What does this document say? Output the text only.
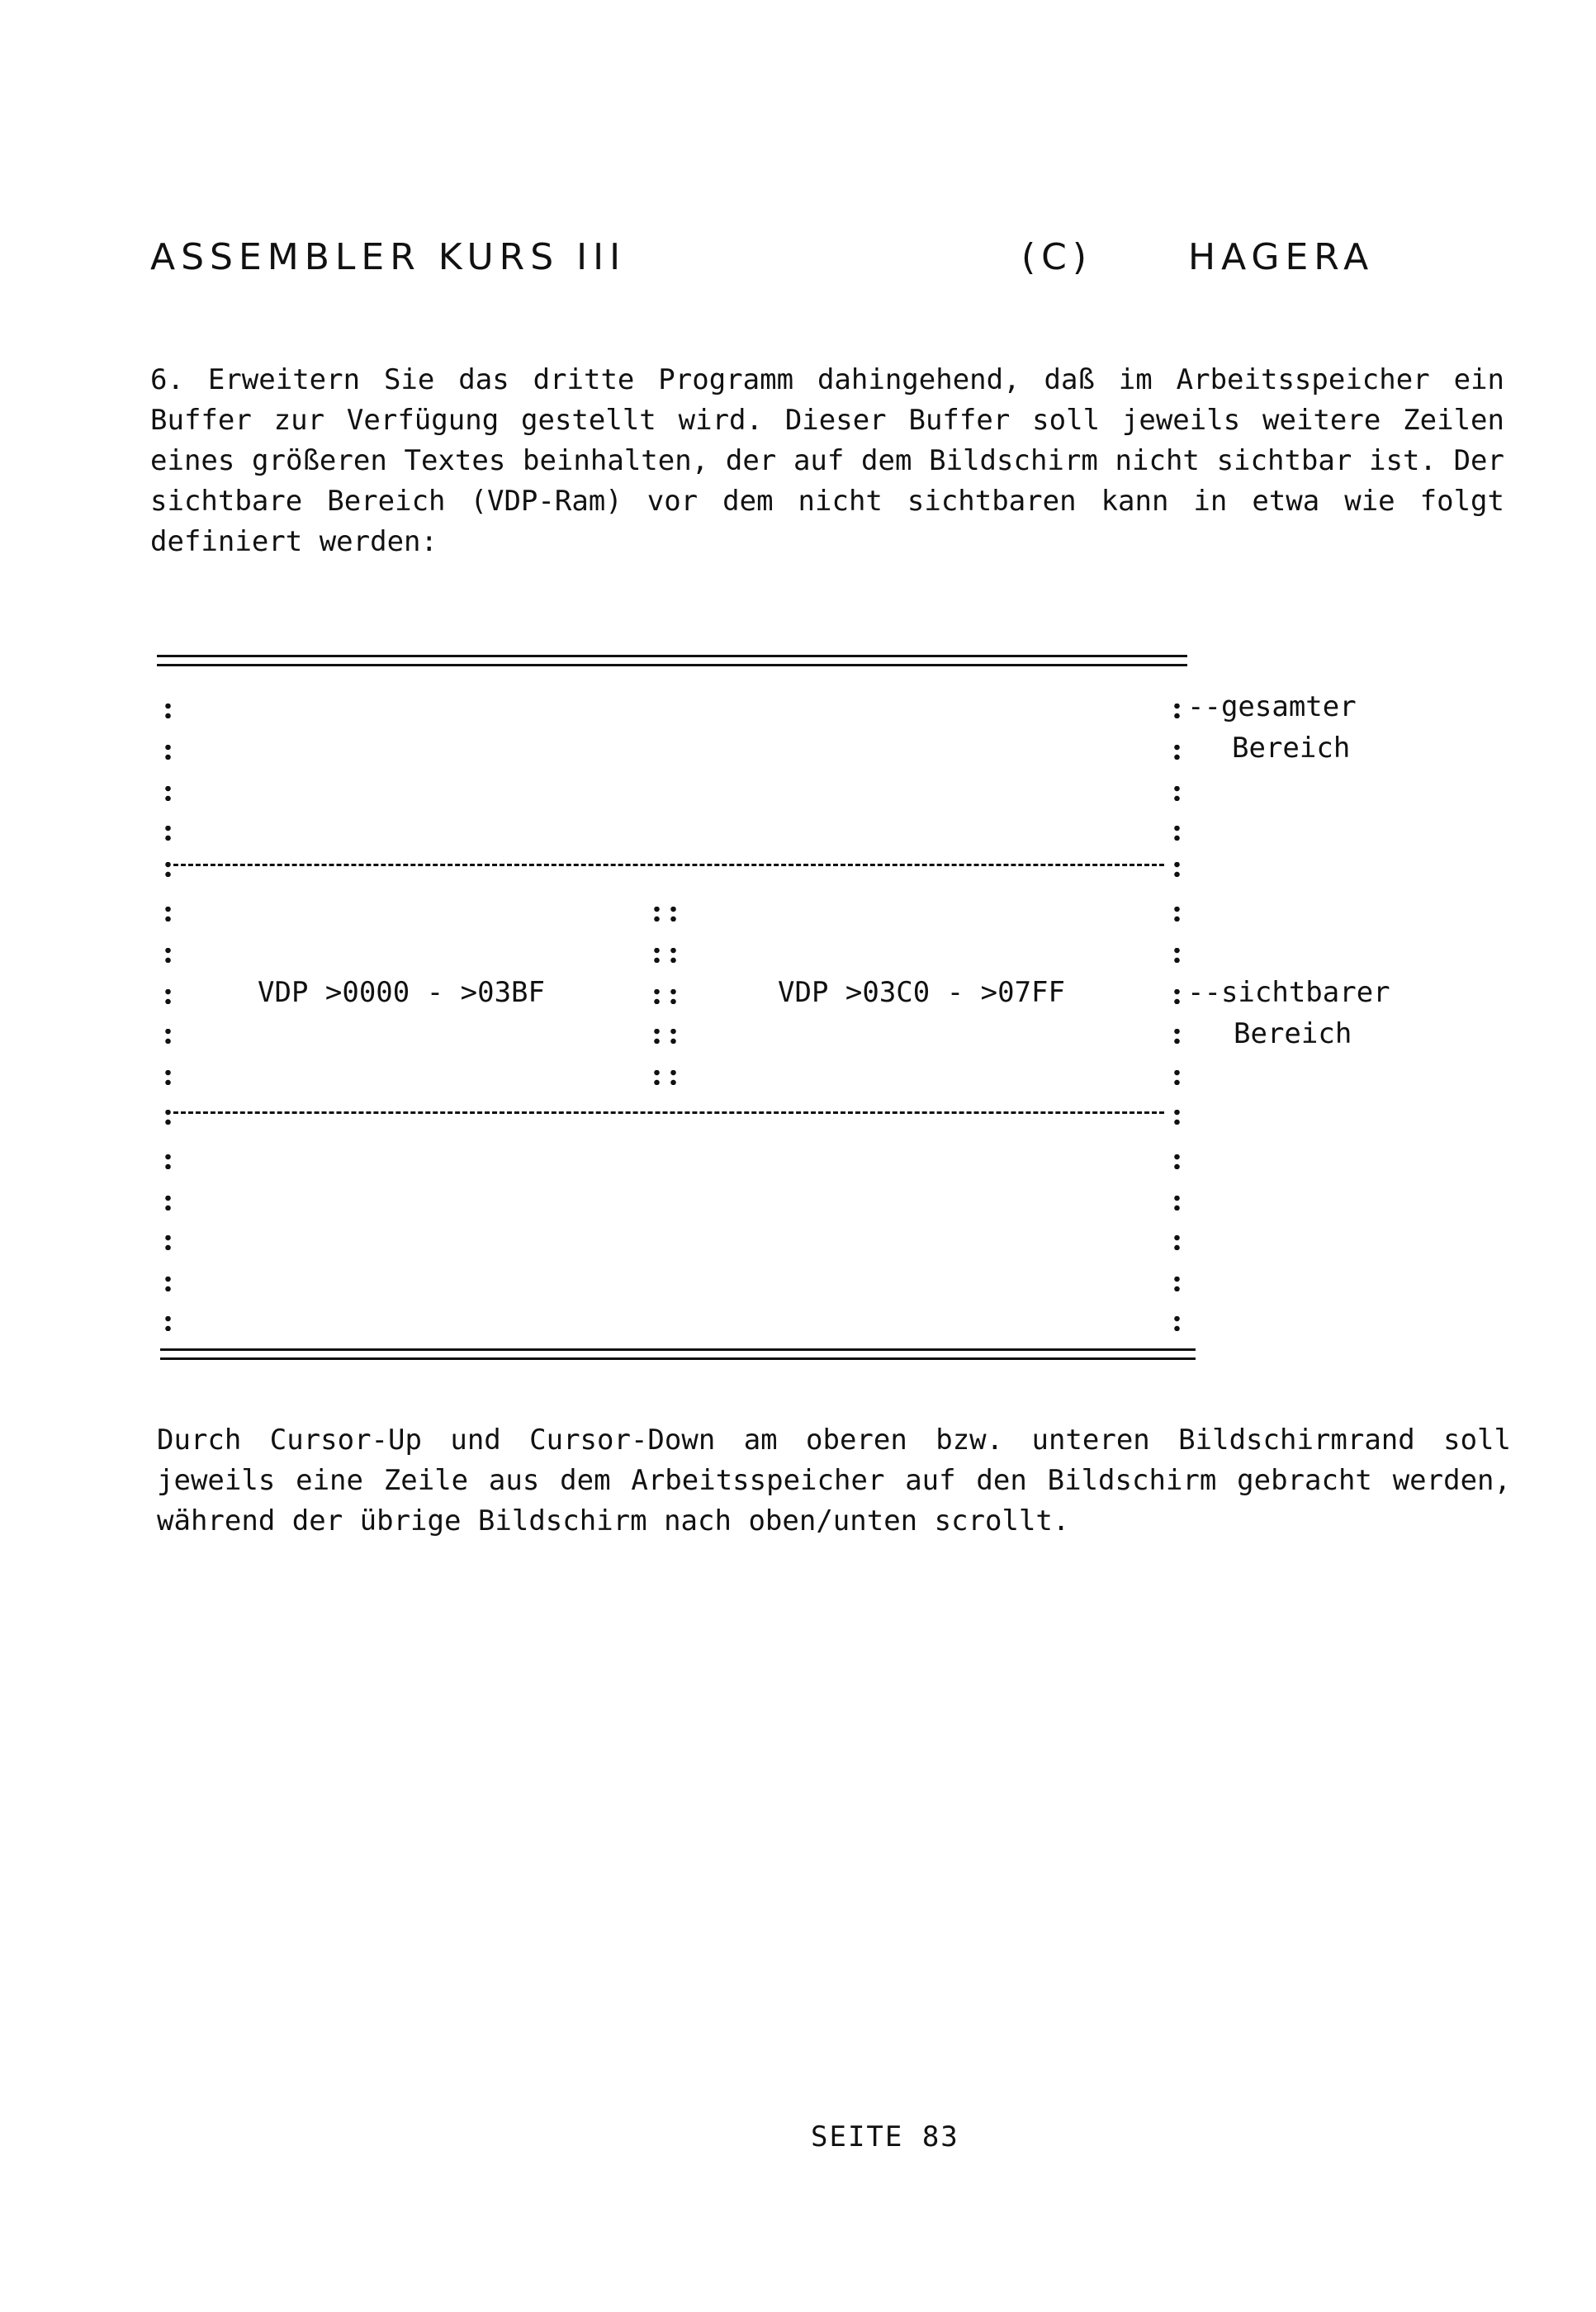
ASSEMBLER KURS III	(C)	HAGERA

6. Erweitern Sie das dritte Programm dahingehend, daß im Arbeitsspeicher ein Buffer zur Verfügung gestellt wird. Dieser Buffer soll jeweils weitere Zeilen eines größeren Textes beinhalten, der auf dem Bildschirm nicht sichtbar ist. Der sichtbare Bereich (VDP-Ram) vor dem nicht sichtbaren kann in etwa wie folgt definiert werden:

VDP >0000 - >03BF	VDP >03C0 - >07FF
--gesamter
Bereich
--sichtbarer
Bereich

Durch Cursor-Up und Cursor-Down am oberen bzw. unteren Bildschirmrand soll jeweils eine Zeile aus dem Arbeitsspeicher auf den Bildschirm gebracht werden, während der übrige Bildschirm nach oben/unten scrollt.

SEITE 83
